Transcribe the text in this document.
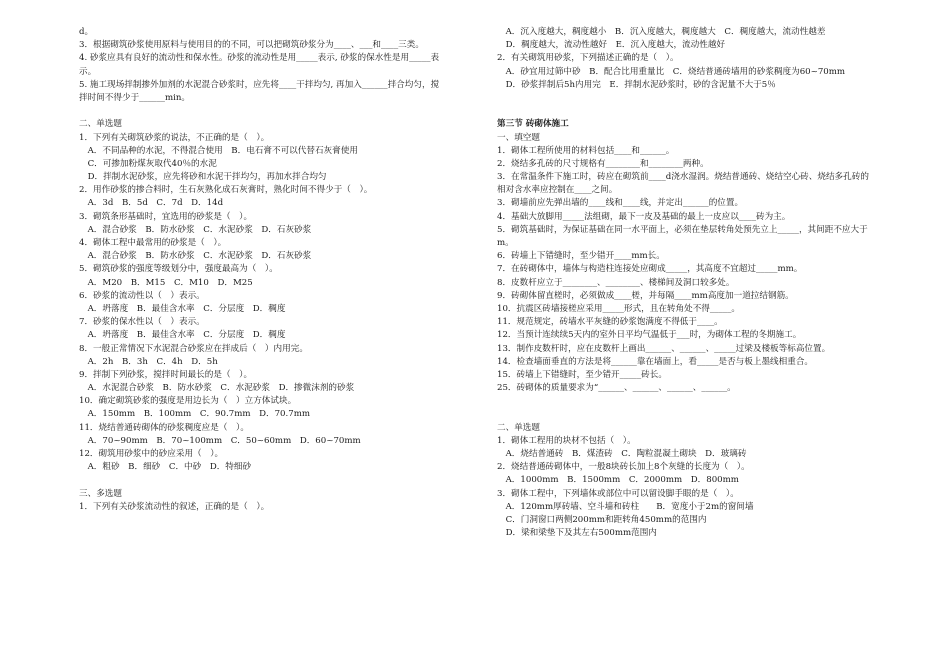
d。
3．根据砌筑砂浆使用原料与使用目的的不同，可以把砌筑砂浆分为____、___和____三类。
4. 砂浆应具有良好的流动性和保水性。砂浆的流动性是用_____表示, 砂浆的保水性是用_____表
示。
5. 施工现场拌制掺外加剂的水泥混合砂浆时，应先将____干拌均匀, 再加入______拌合均匀，搅
拌时间不得少于______min。
二、单选题
1．下列有关砌筑砂浆的说法，不正确的是（　）。
　A．不同品种的水泥，不得混合使用　B．电石膏不可以代替石灰膏使用
　C．可掺加粉煤灰取代40％的水泥
　D．拌制水泥砂浆，应先将砂和水泥干拌均匀，再加水拌合均匀
2．用作砂浆的掺合料时，生石灰熟化成石灰膏时，熟化时间不得少于（　）。
　A．3d　B．5d　C．7d　D．14d
3．砌筑条形基础时，宜选用的砂浆是（　）。
　A．混合砂浆　B．防水砂浆　C．水泥砂浆　D．石灰砂浆
4．砌体工程中最常用的砂浆是（　）。
　A．混合砂浆　B．防水砂浆　C．水泥砂浆　D．石灰砂浆
5．砌筑砂浆的强度等级划分中，强度最高为（　）。
　A．M20　B．M15　C．M10　D．M25
6．砂浆的流动性以（　）表示。
　A．坍落度　B．最佳含水率　C．分层度　D．稠度
7．砂浆的保水性以（　）表示。
　A．坍落度　B．最佳含水率　C．分层度　D．稠度
8．一般正常情况下水泥混合砂浆应在拌成后（　）内用完。
　A．2h　B．3h　C．4h　D．5h
9．拌制下列砂浆，搅拌时间最长的是（　）。
　A．水泥混合砂浆　B．防水砂浆　C．水泥砂浆　D．掺微沫剂的砂浆
10．确定砌筑砂浆的强度是用边长为（　）立方体试块。
　A．150mm　B．100mm　C．90.7mm　D．70.7mm
11．烧结普通砖砌体的砂浆稠度应是（　）。
　A．70~90mm　B．70~100mm　C．50~60mm　D．60~70mm
12．砌筑用砂浆中的砂应采用（　）。
　A．粗砂　B．细砂　C．中砂　D．特细砂
三、多选题
1．下列有关砂浆流动性的叙述，正确的是（　）。
　A．沉入度越大，稠度越小　B．沉入度越大，稠度越大　C．稠度越大，流动性越差
　D．稠度越大，流动性越好　E．沉入度越大，流动性越好
2．有关砌筑用砂浆，下列描述正确的是（　）。
　A．砂宜用过筛中砂　B．配合比用重量比　C．烧结普通砖墙用的砂浆稠度为60~70mm
　D．砂浆拌制后5h内用完　E．拌制水泥砂浆时，砂的含泥量不大于5％
第三节 砖砌体施工
一、填空题
1．砌体工程所使用的材料包括____和______。
2．烧结多孔砖的尺寸规格有________和________两种。
3．在常温条件下施工时，砖应在砌筑前____d浇水湿润。烧结普通砖、烧结空心砖、烧结多孔砖的
相对含水率应控制在____之间。
3．砌墙前应先弹出墙的____线和____线，并定出______的位置。
4．基础大放脚用_____法组砌，最下一皮及基础的最上一皮应以____砖为主。
5．砌筑基础时，为保证基础在同一水平面上，必须在垫层转角处预先立上_____，其间距不应大于
m。
6．砖墙上下错缝时，至少错开____mm长。
7．在砖砌体中，墙体与构造柱连接处应砌成_____，其高度不宜超过_____mm。
8．皮数杆应立于________、________、楼梯间及洞口较多处。
9．砖砌体留直槎时，必须做成____槎，并每隔____mm高度加一道拉结钢筋。
10．抗震区砖墙接槎应采用_____形式，且在转角处不得_____。
11．规范规定，砖墙水平灰缝的砂浆饱满度不得低于____。
12．当预计连续续5天内的室外日平均气温低于___时，为砌体工程的冬期施工。
13．制作皮数杆时，应在皮数杆上画出______、______、_____过梁及楼板等标高位置。
14．检查墙面垂直的方法是将______靠在墙面上，看_____是否与板上墨线相重合。
15．砖墙上下错缝时，至少错开_____砖长。
25．砖砌体的质量要求为“______、______、______、______。
二、单选题
1．砌体工程用的块材不包括（　）。
　A．烧结普通砖　B．煤渣砖　C．陶粒混凝土砌块　D．玻璃砖
2．烧结普通砖砌体中，一般8块砖长加上8个灰缝的长度为（　）。
　A．1000mm　B．1500mm　C．2000mm　D．800mm
3．砌体工程中，下列墙体或部位中可以留设脚手眼的是（　）。
　A．120mm厚砖墙、空斗墙和砖柱　　B．宽度小于2m的窗间墙
　C．门洞窗口两侧200mm和距转角450mm的范围内
　D．梁和梁垫下及其左右500mm范围内
